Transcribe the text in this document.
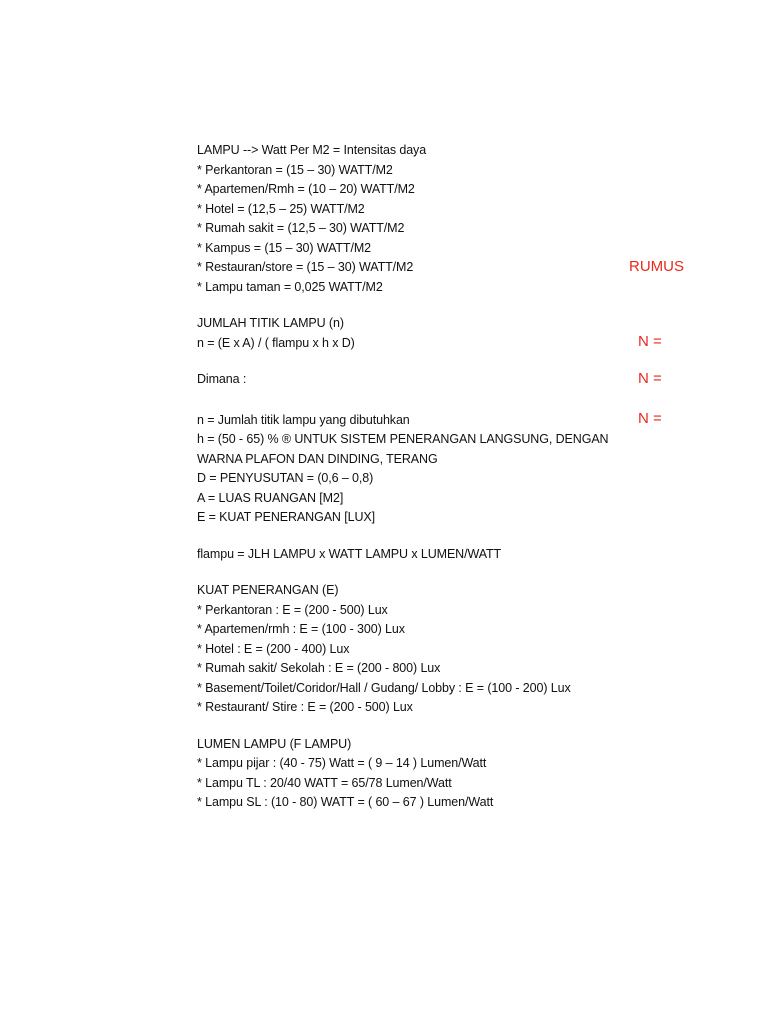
LAMPU --> Watt Per M2 = Intensitas daya
* Perkantoran = (15 – 30) WATT/M2
* Apartemen/Rmh = (10 – 20) WATT/M2
* Hotel = (12,5 – 25) WATT/M2
* Rumah sakit = (12,5 – 30) WATT/M2
* Kampus = (15 – 30) WATT/M2
* Restauran/store = (15 – 30) WATT/M2
* Lampu taman = 0,025 WATT/M2
JUMLAH TITIK LAMPU (n)
n = (E x A) / ( flampu x h x D)
Dimana :
n = Jumlah titik lampu yang dibutuhkan
h = (50 - 65) % ® UNTUK SISTEM PENERANGAN LANGSUNG, DENGAN WARNA PLAFON DAN DINDING, TERANG
D = PENYUSUTAN = (0,6 – 0,8)
A = LUAS RUANGAN [M2]
E = KUAT PENERANGAN [LUX]
flampu = JLH LAMPU x WATT LAMPU x LUMEN/WATT
KUAT PENERANGAN (E)
* Perkantoran : E = (200 - 500) Lux
* Apartemen/rmh : E = (100 - 300) Lux
* Hotel : E = (200 - 400) Lux
* Rumah sakit/ Sekolah : E = (200 - 800) Lux
* Basement/Toilet/Coridor/Hall / Gudang/ Lobby : E = (100 - 200) Lux
* Restaurant/ Stire : E = (200 - 500) Lux
LUMEN LAMPU (F LAMPU)
* Lampu pijar : (40 - 75) Watt = ( 9 – 14 ) Lumen/Watt
* Lampu TL : 20/40 WATT = 65/78 Lumen/Watt
* Lampu SL : (10 - 80) WATT = ( 60 – 67 ) Lumen/Watt
RUMUS
N =
N =
N =
